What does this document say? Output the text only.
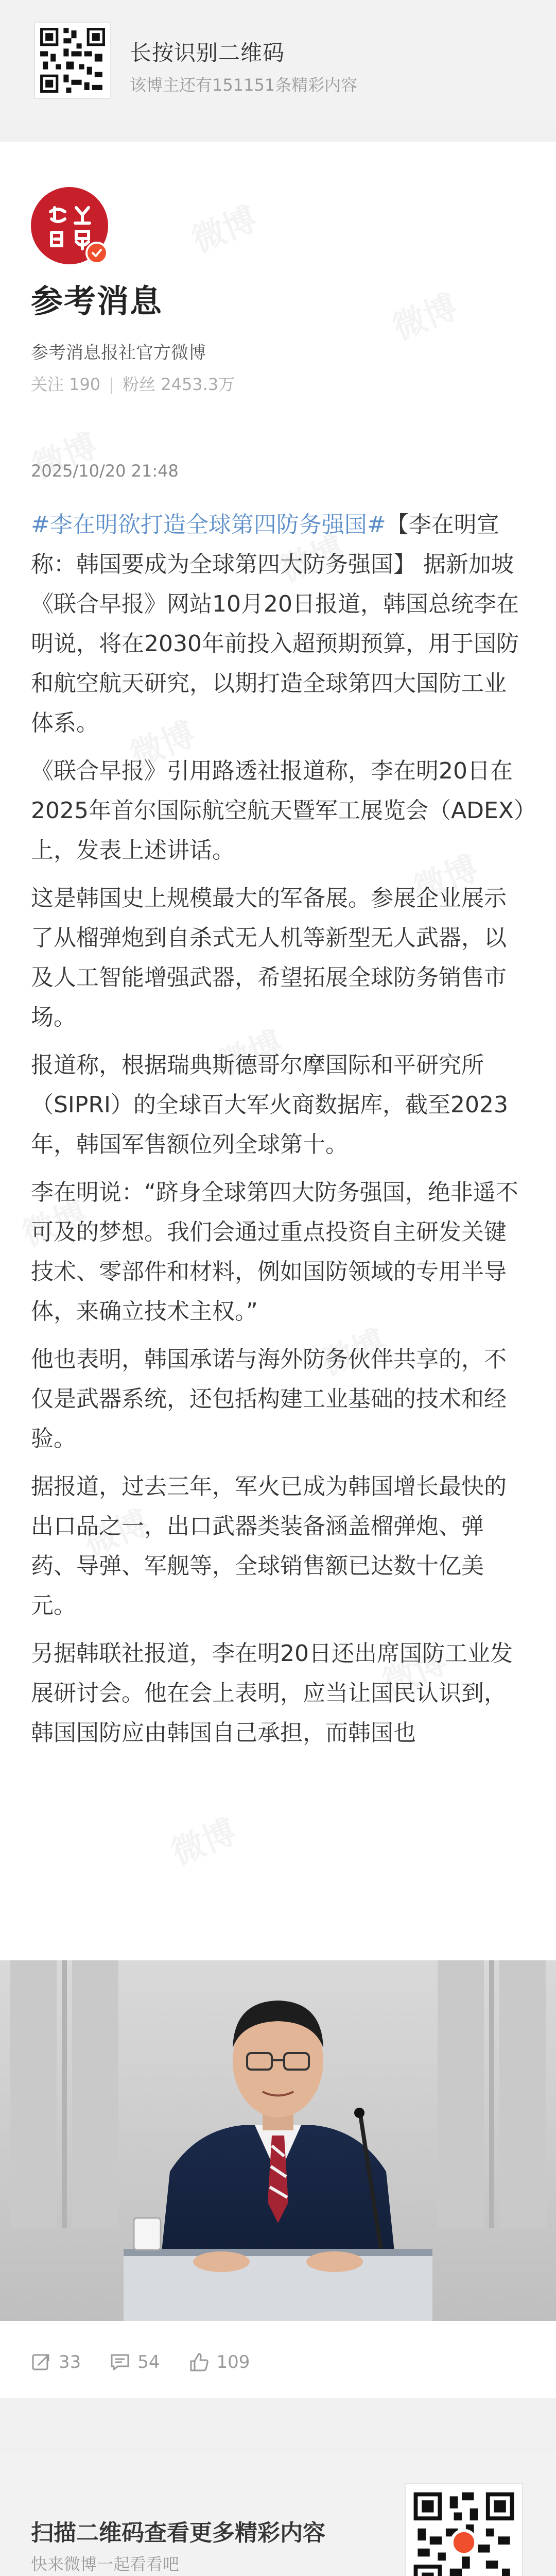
长按识别二维码
该博主还有151151条精彩内容
参考消息
参考消息报社官方微博
关注 190 | 粉丝 2453.3万
2025/10/20 21:48

#李在明欲打造全球第四防务强国#【李在明宣称：韩国要成为全球第四大防务强国】 据新加坡《联合早报》网站10月20日报道，韩国总统李在明说，将在2030年前投入超预期预算，用于国防和航空航天研究，以期打造全球第四大国防工业体系。

《联合早报》引用路透社报道称，李在明20日在2025年首尔国际航空航天暨军工展览会（ADEX）上，发表上述讲话。

这是韩国史上规模最大的军备展。参展企业展示了从榴弹炮到自杀式无人机等新型无人武器，以及人工智能增强武器，希望拓展全球防务销售市场。

报道称，根据瑞典斯德哥尔摩国际和平研究所（SIPRI）的全球百大军火商数据库，截至2023年，韩国军售额位列全球第十。

李在明说：“跻身全球第四大防务强国，绝非遥不可及的梦想。我们会通过重点投资自主研发关键技术、零部件和材料，例如国防领域的专用半导体，来确立技术主权。”

他也表明，韩国承诺与海外防务伙伴共享的，不仅是武器系统，还包括构建工业基础的技术和经验。

据报道，过去三年，军火已成为韩国增长最快的出口品之一，出口武器类装备涵盖榴弹炮、弹药、导弹、军舰等，全球销售额已达数十亿美元。

另据韩联社报道，李在明20日还出席国防工业发展研讨会。他在会上表明，应当让国民认识到，韩国国防应由韩国自己承担，而韩国也

33	54	109
扫描二维码查看更多精彩内容
快来微博一起看看吧
